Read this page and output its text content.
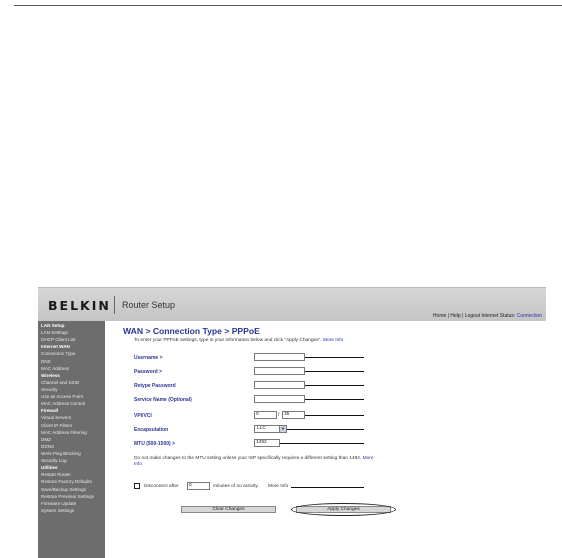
BELKIN Router Setup
Home | Help | Logout Internet Status: Connection
LAN Setup
LAN Settings
DHCP Client List
Internet WAN
Connection Type
DNS
MAC Address
Wireless
Channel and SSID
Security
Use as Access Point
MAC Address Control
Firewall
Virtual Servers
Client IP Filters
MAC Address Filtering
DMZ
DDNS
WAN Ping Blocking
Security Log
Utilities
Restart Router
Restore Factory Defaults
Save/Backup Settings
Restore Previous Settings
Firmware Update
System Settings
WAN > Connection Type > PPPoE
To enter your PPPoE settings, type in your information below and click "Apply Changes". More Info
Username >
Password >
Retype Password
Service Name (Optional)
VPI/VCI	0	/ 35
Encapsulation	LLC	▼
MTU (500-1500) >	1492
Do not make changes to the MTU setting unless your ISP specifically requires a different setting than 1492. More Info
Disconnect after	0	minutes of no activity. More Info
Clear Changes	Apply Changes
